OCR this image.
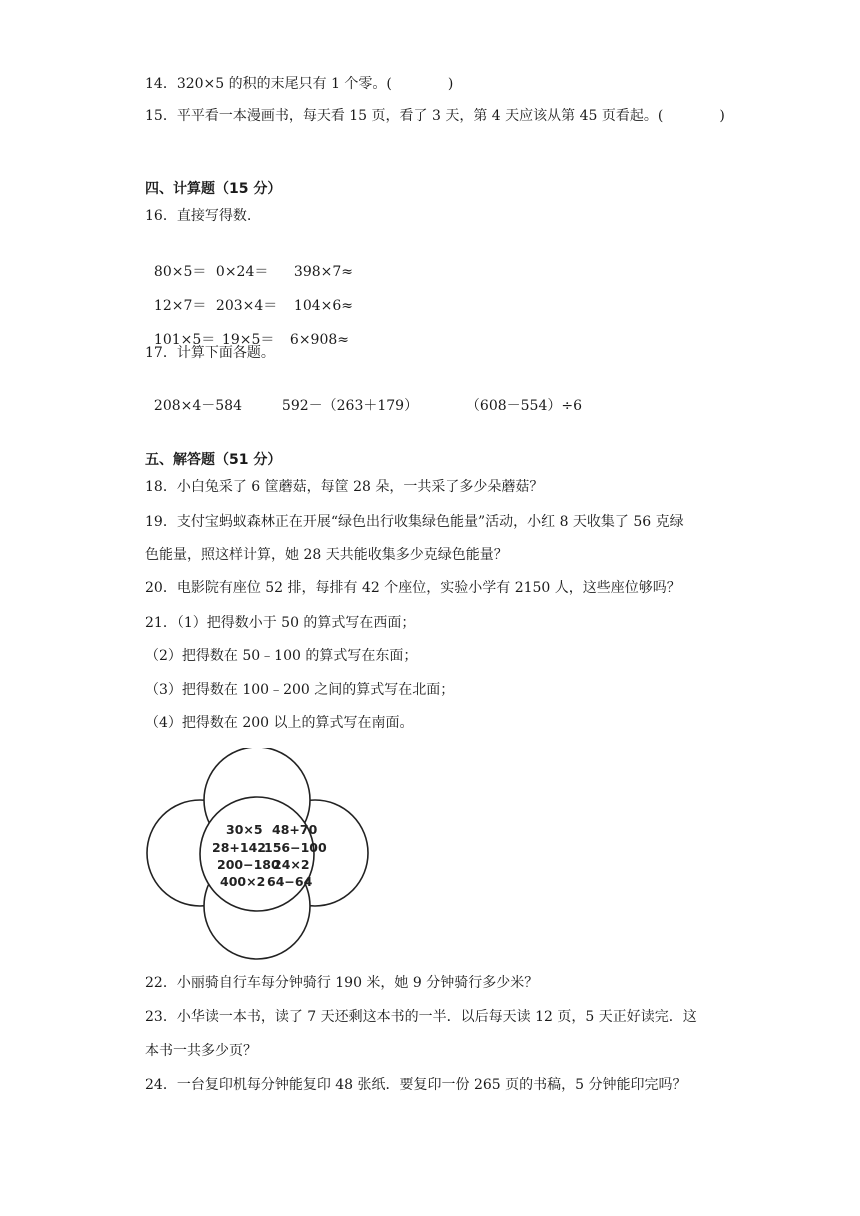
14．320×5 的积的末尾只有 1 个零。(　　　　)
15．平平看一本漫画书，每天看 15 页，看了 3 天，第 4 天应该从第 45 页看起。(　　　　)
四、计算题（15 分）
16．直接写得数.

80×5＝ 0×24＝ 398×7≈

12×7＝ 203×4＝ 104×6≈

101×5＝ 19×5＝ 6×908≈

17．计算下面各题。

208×4－584	592－（263＋179）	（608－554）÷6

五、解答题（51 分）
18．小白兔采了 6 筐蘑菇，每筐 28 朵，一共采了多少朵蘑菇？
19．支付宝蚂蚁森林正在开展“绿色出行收集绿色能量”活动，小红 8 天收集了 56 克绿
色能量，照这样计算，她 28 天共能收集多少克绿色能量？
20．电影院有座位 52 排，每排有 42 个座位，实验小学有 2150 人，这些座位够吗？
21．（1）把得数小于 50 的算式写在西面；
（2）把得数在 50﹣100 的算式写在东面；
（3）把得数在 100﹣200 之间的算式写在北面；
（4）把得数在 200 以上的算式写在南面。
30×5 48+70
28+142
156−100
200−180
24×2
400×2 64−64
22．小丽骑自行车每分钟骑行 190 米，她 9 分钟骑行多少米？
23．小华读一本书，读了 7 天还剩这本书的一半．以后每天读 12 页，5 天正好读完．这
本书一共多少页？
24．一台复印机每分钟能复印 48 张纸．要复印一份 265 页的书稿，5 分钟能印完吗？
